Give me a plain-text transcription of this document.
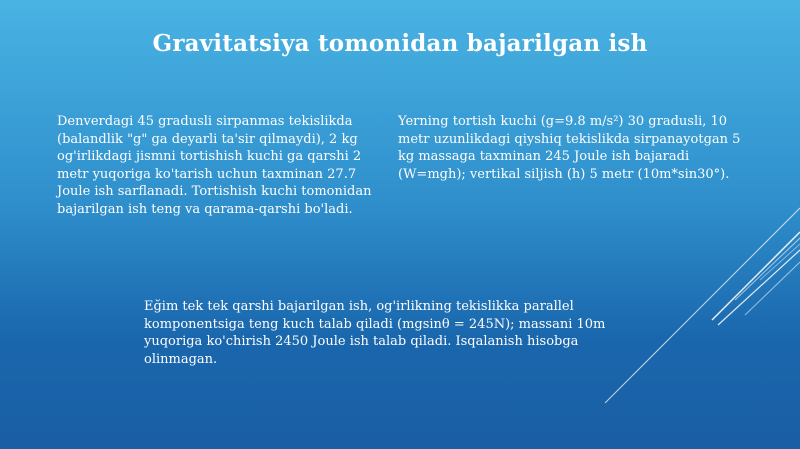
Gravitatsiya tomonidan bajarilgan ish

Denverdagi 45 gradusli sirpanmas tekislikda (balandlik "g" ga deyarli ta'sir qilmaydi), 2 kg og'irlikdagi jismni tortishish kuchi ga qarshi 2 metr yuqoriga ko'tarish uchun taxminan 27.7 Joule ish sarflanadi. Tortishish kuchi tomonidan bajarilgan ish teng va qarama-qarshi bo'ladi.

Yerning tortish kuchi (g=9.8 m/s²) 30 gradusli, 10 metr uzunlikdagi qiyshiq tekislikda sirpanayotgan 5 kg massaga taxminan 245 Joule ish bajaradi (W=mgh); vertikal siljish (h) 5 metr (10m*sin30°).

Eğim tek tek qarshi bajarilgan ish, og'irlikning tekislikka parallel komponentsiga teng kuch talab qiladi (mgsinθ = 245N); massani 10m yuqoriga ko'chirish 2450 Joule ish talab qiladi. Isqalanish hisobga olinmagan.
